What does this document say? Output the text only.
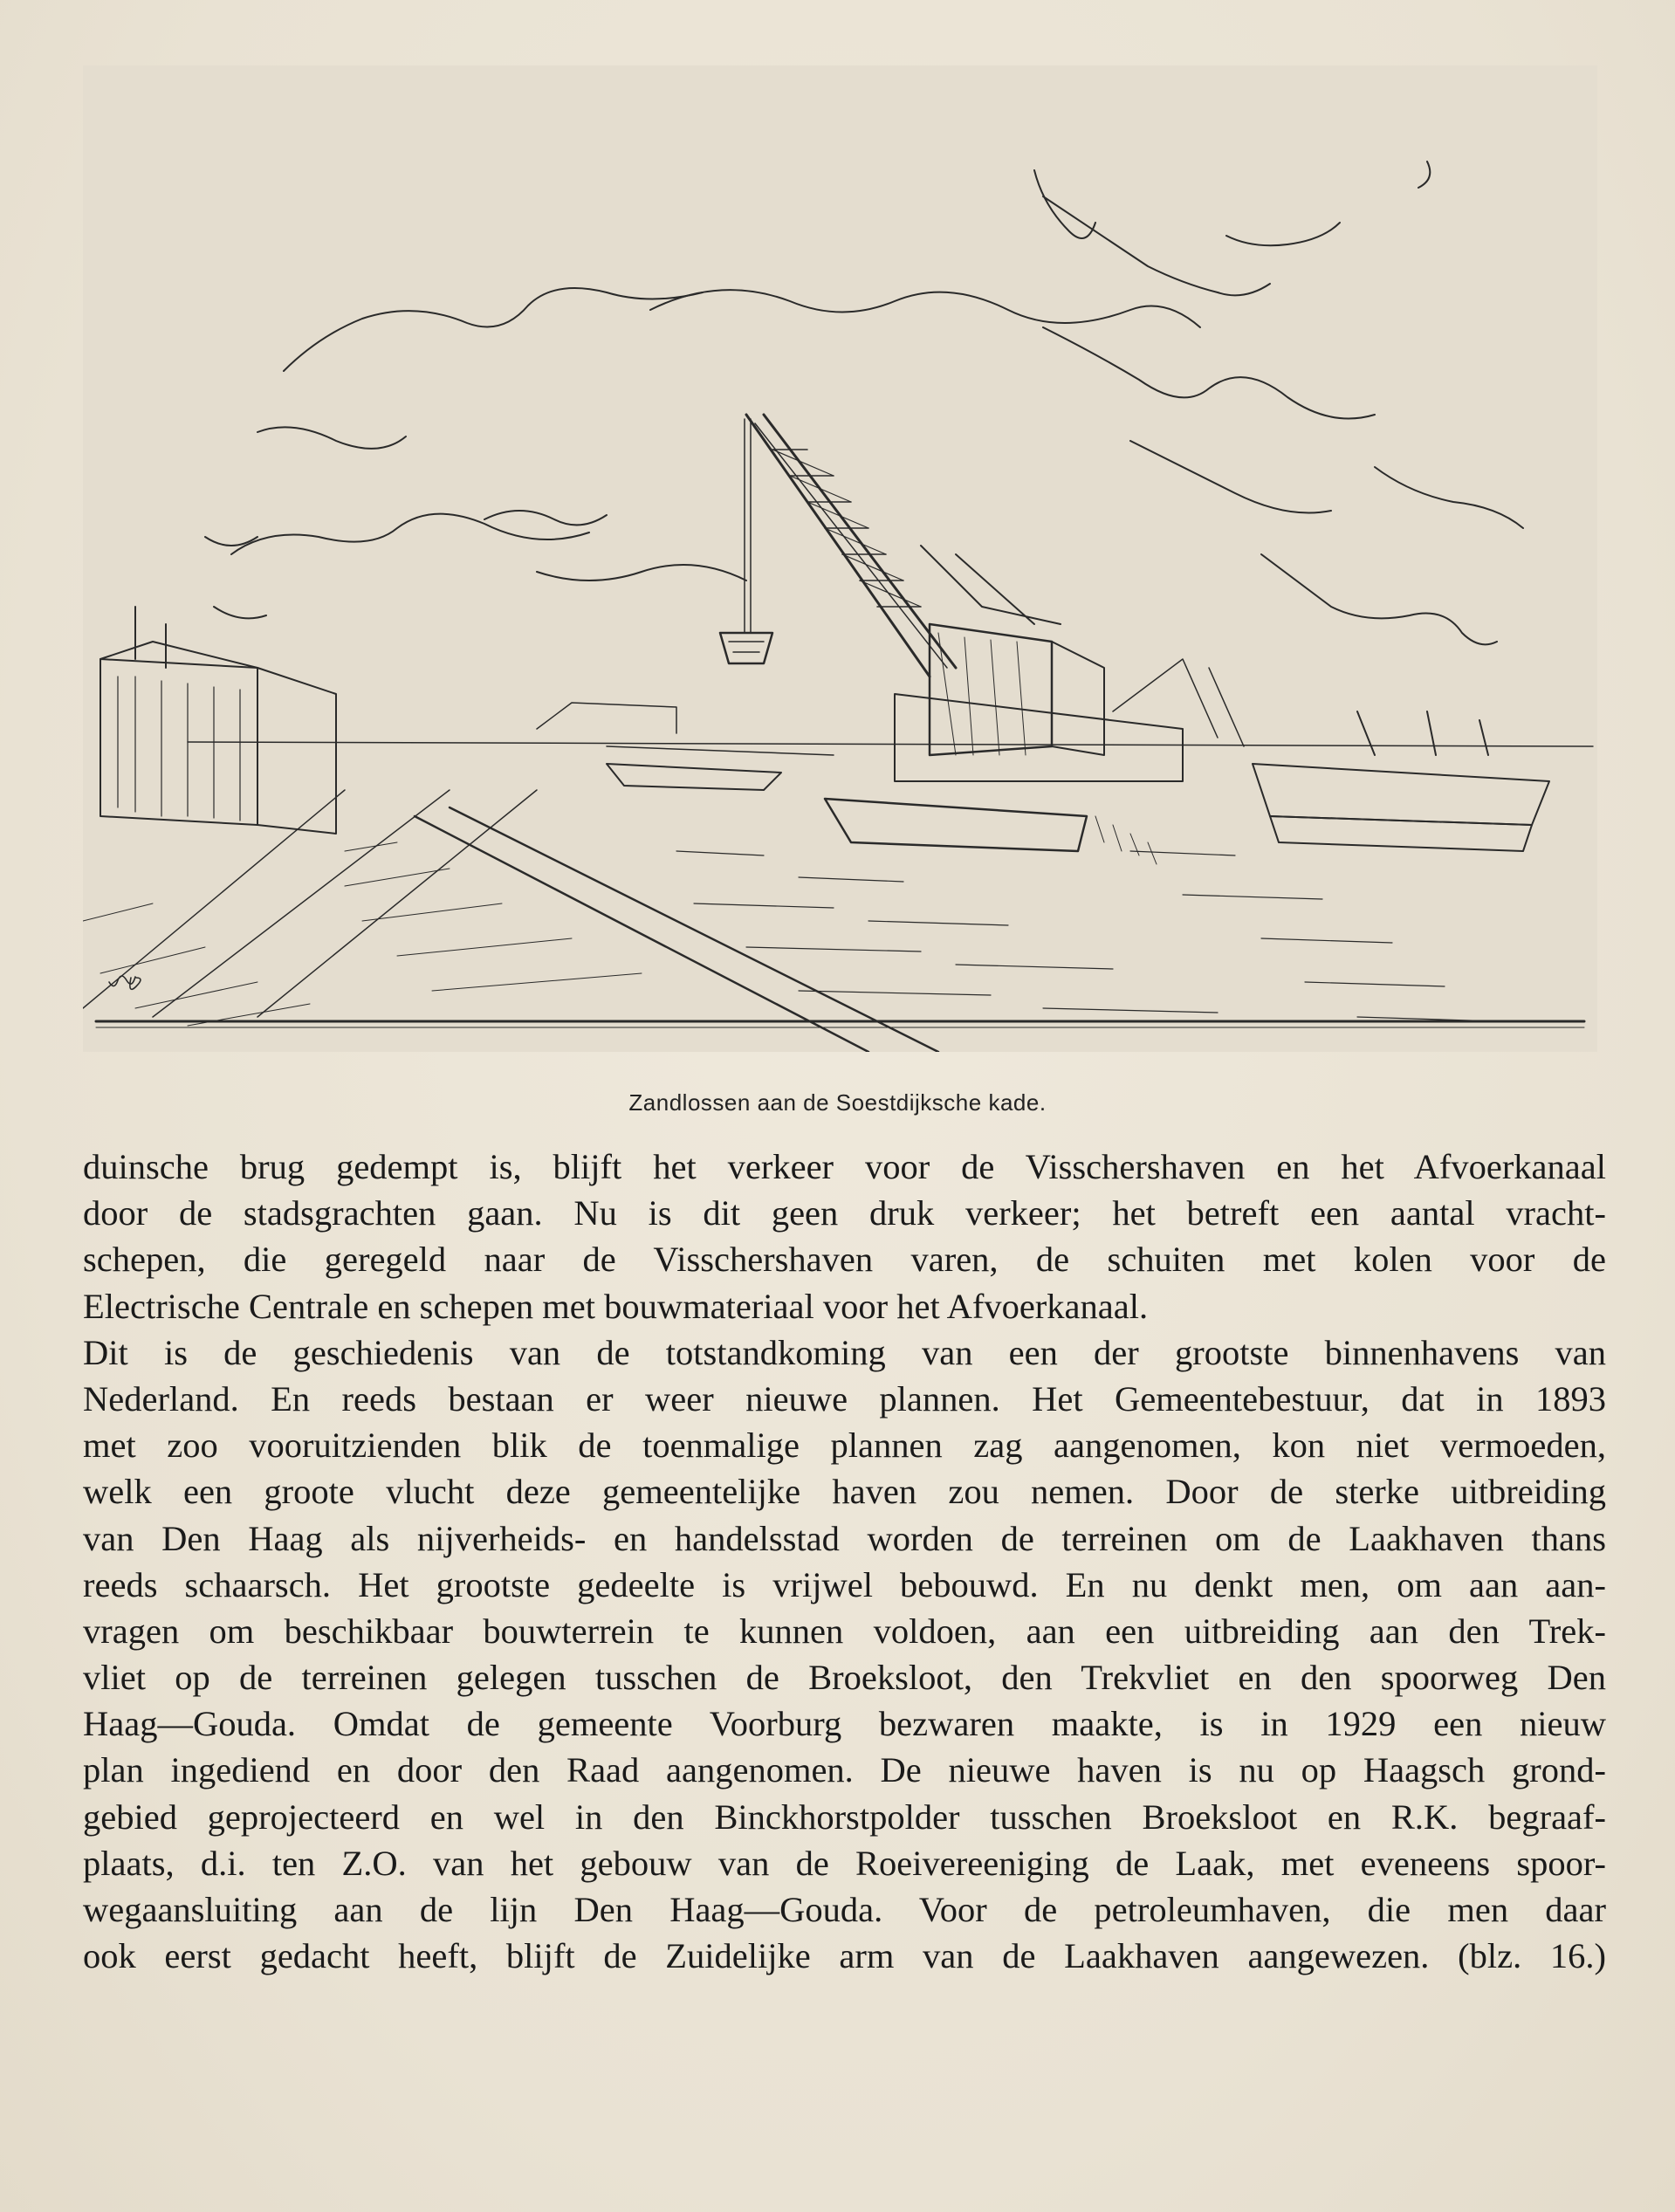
Zandlossen aan de Soestdijksche kade.
duinsche brug gedempt is, blijft het verkeer voor de Visschershaven en het Afvoerkanaal
door de stadsgrachten gaan. Nu is dit geen druk verkeer; het betreft een aantal vracht-
schepen, die geregeld naar de Visschershaven varen, de schuiten met kolen voor de
Electrische Centrale en schepen met bouwmateriaal voor het Afvoerkanaal.
Dit is de geschiedenis van de totstandkoming van een der grootste binnenhavens van
Nederland. En reeds bestaan er weer nieuwe plannen. Het Gemeentebestuur, dat in 1893
met zoo vooruitzienden blik de toenmalige plannen zag aangenomen, kon niet vermoeden,
welk een groote vlucht deze gemeentelijke haven zou nemen. Door de sterke uitbreiding
van Den Haag als nijverheids- en handelsstad worden de terreinen om de Laakhaven thans
reeds schaarsch. Het grootste gedeelte is vrijwel bebouwd. En nu denkt men, om aan aan-
vragen om beschikbaar bouwterrein te kunnen voldoen, aan een uitbreiding aan den Trek-
vliet op de terreinen gelegen tusschen de Broeksloot, den Trekvliet en den spoorweg Den
Haag—Gouda. Omdat de gemeente Voorburg bezwaren maakte, is in 1929 een nieuw
plan ingediend en door den Raad aangenomen. De nieuwe haven is nu op Haagsch grond-
gebied geprojecteerd en wel in den Binckhorstpolder tusschen Broeksloot en R.K. begraaf-
plaats, d.i. ten Z.O. van het gebouw van de Roeivereeniging de Laak, met eveneens spoor-
wegaansluiting aan de lijn Den Haag—Gouda. Voor de petroleumhaven, die men daar
ook eerst gedacht heeft, blijft de Zuidelijke arm van de Laakhaven aangewezen. (blz. 16.)
